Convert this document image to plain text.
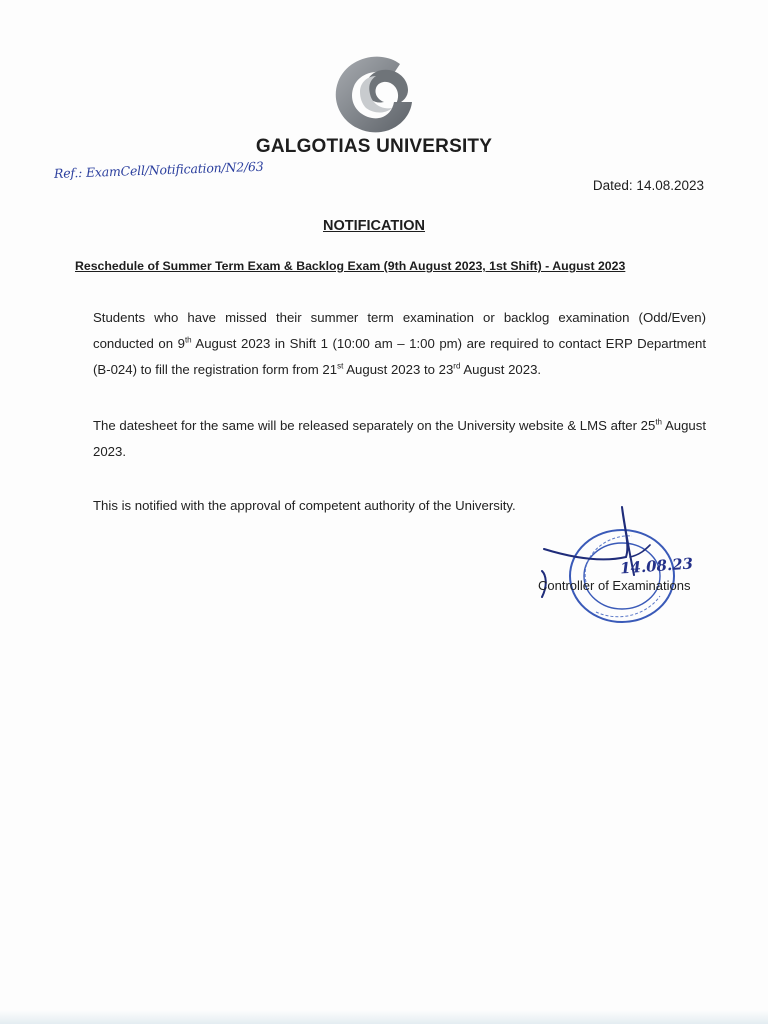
GALGOTIAS UNIVERSITY
Ref.: ExamCell/Notification/N2/63
Dated: 14.08.2023
NOTIFICATION
Reschedule of Summer Term Exam & Backlog Exam (9th August 2023, 1st Shift) - August 2023
Students who have missed their summer term examination or backlog examination (Odd/Even) conducted on 9th August 2023 in Shift 1 (10:00 am – 1:00 pm) are required to contact ERP Department (B-024) to fill the registration form from 21st August 2023 to 23rd August 2023.
The datesheet for the same will be released separately on the University website & LMS after 25th August 2023.
This is notified with the approval of competent authority of the University.
14.08.23
Controller of Examinations
